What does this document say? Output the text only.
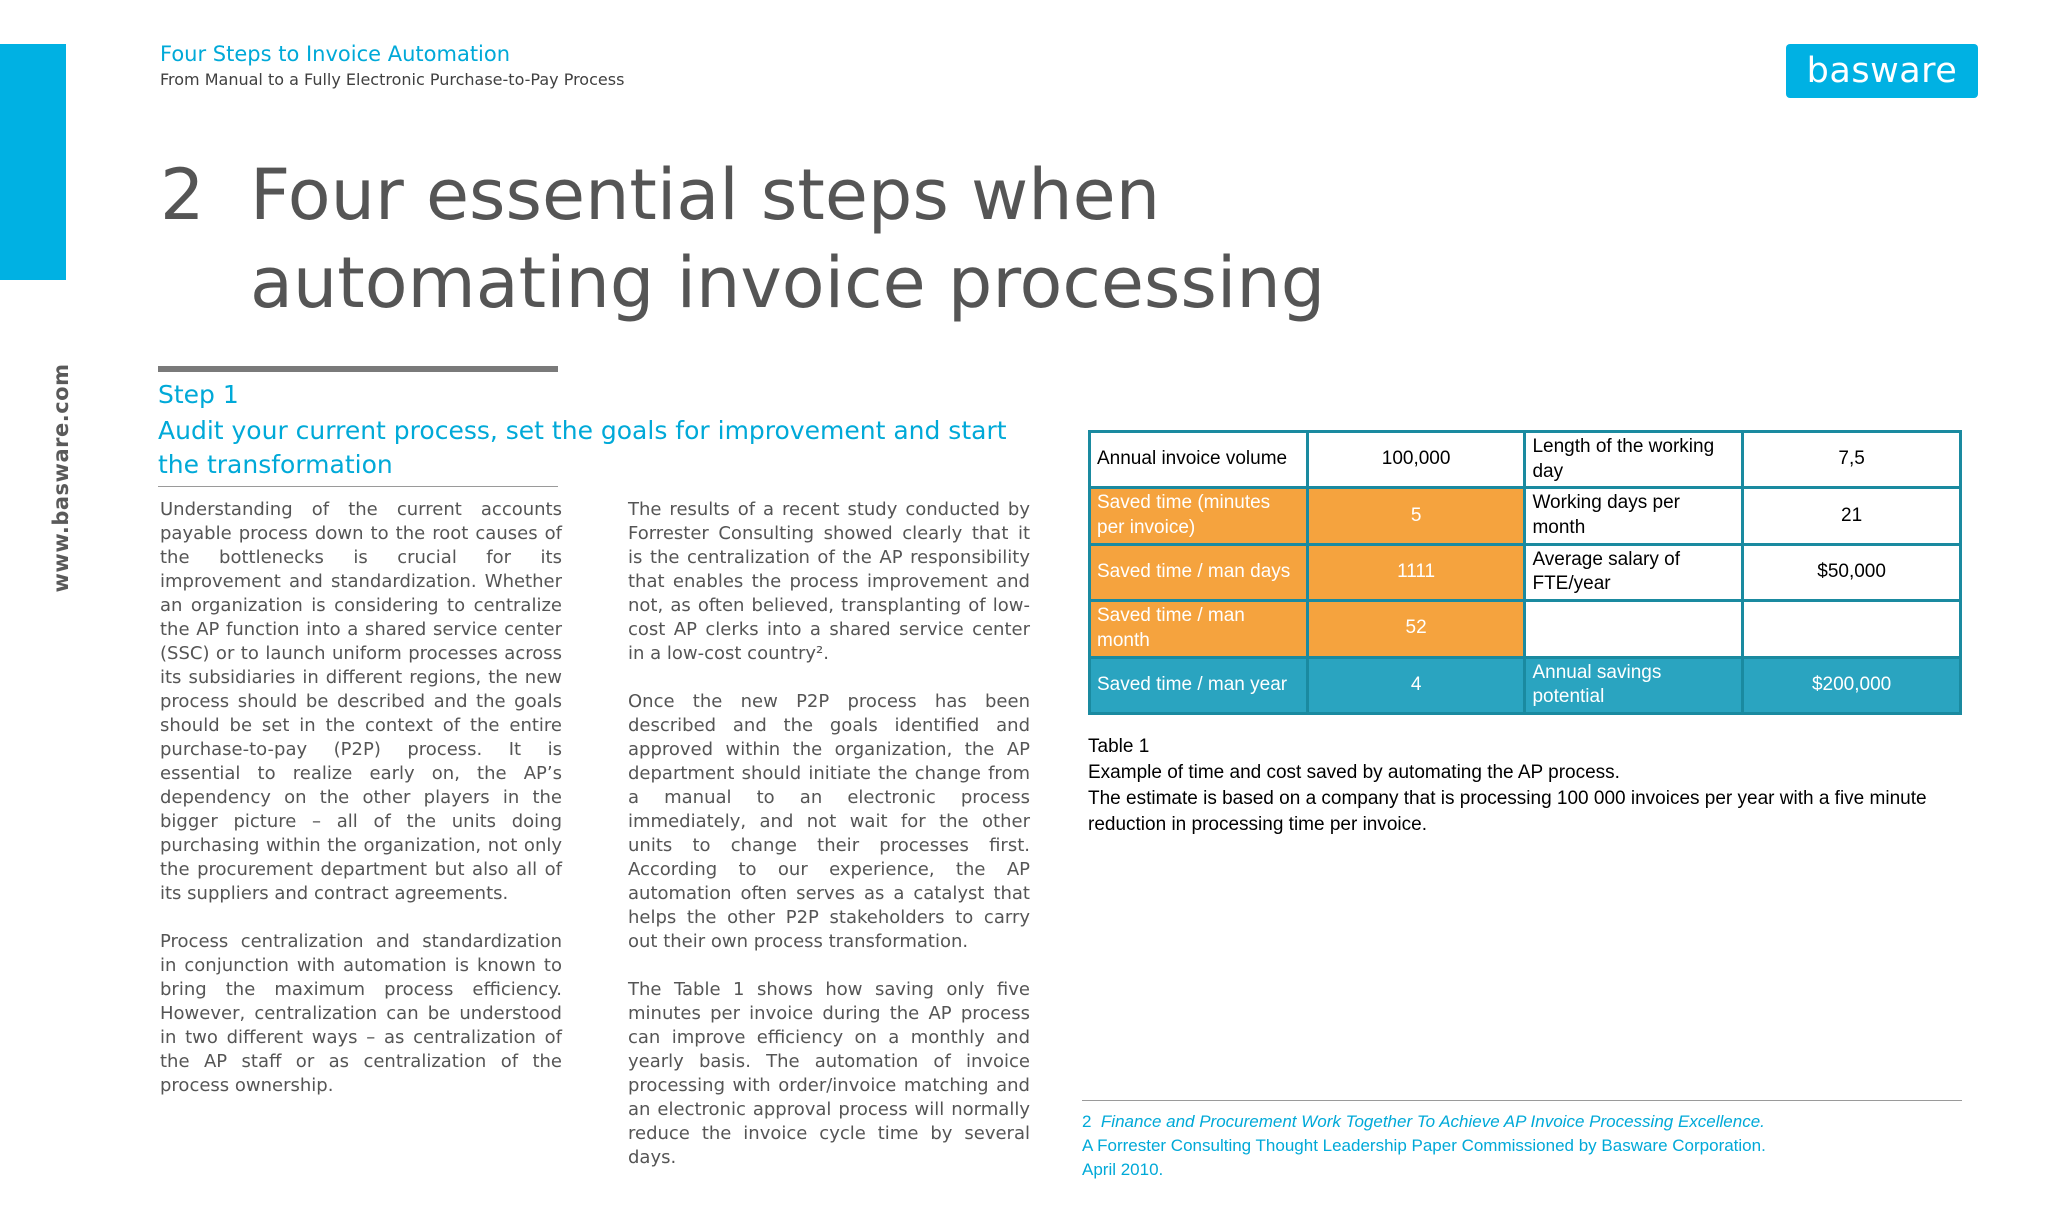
www.basware.com
Four Steps to Invoice Automation
From Manual to a Fully Electronic Purchase-to-Pay Process	basware
2 Four essential steps when automating invoice processing
Step 1
Audit your current process, set the goals for improvement and start the transformation

Understanding of the current accounts payable process down to the root causes of the bottlenecks is crucial for its improvement and standardization. Whether an organization is considering to centralize the AP function into a shared service center (SSC) or to launch uniform processes across its subsidiaries in different regions, the new process should be described and the goals should be set in the context of the entire purchase-to-pay (P2P) process. It is essential to realize early on, the AP’s dependency on the other players in the bigger picture – all of the units doing purchasing within the organization, not only the procurement department but also all of its suppliers and contract agreements.

Process centralization and standardization in conjunction with automation is known to bring the maximum process efficiency. However, centralization can be understood in two different ways – as centralization of the AP staff or as centralization of the process ownership.

The results of a recent study conducted by Forrester Consulting showed clearly that it is the centralization of the AP responsibility that enables the process improvement and not, as often believed, transplanting of low-cost AP clerks into a shared service center in a low-cost country².

Once the new P2P process has been described and the goals identified and approved within the organization, the AP department should initiate the change from a manual to an electronic process immediately, and not wait for the other units to change their processes first. According to our experience, the AP automation often serves as a catalyst that helps the other P2P stakeholders to carry out their own process transformation.

The Table 1 shows how saving only five minutes per invoice during the AP process can improve efficiency on a monthly and yearly basis. The automation of invoice processing with order/invoice matching and an electronic approval process will normally reduce the invoice cycle time by several days.

Annual invoice volume	100,000	Length of the working day	7,5
Saved time (minutes per invoice)	5	Working days per month	21
Saved time / man days	1111	Average salary of FTE/year	$50,000
Saved time / man month	52		
Saved time / man year	4	Annual savings potential	$200,000
Table 1
Example of time and cost saved by automating the AP process.
The estimate is based on a company that is processing 100 000 invoices per year with a five minute reduction in processing time per invoice.
2 Finance and Procurement Work Together To Achieve AP Invoice Processing Excellence.
A Forrester Consulting Thought Leadership Paper Commissioned by Basware Corporation.
April 2010.
